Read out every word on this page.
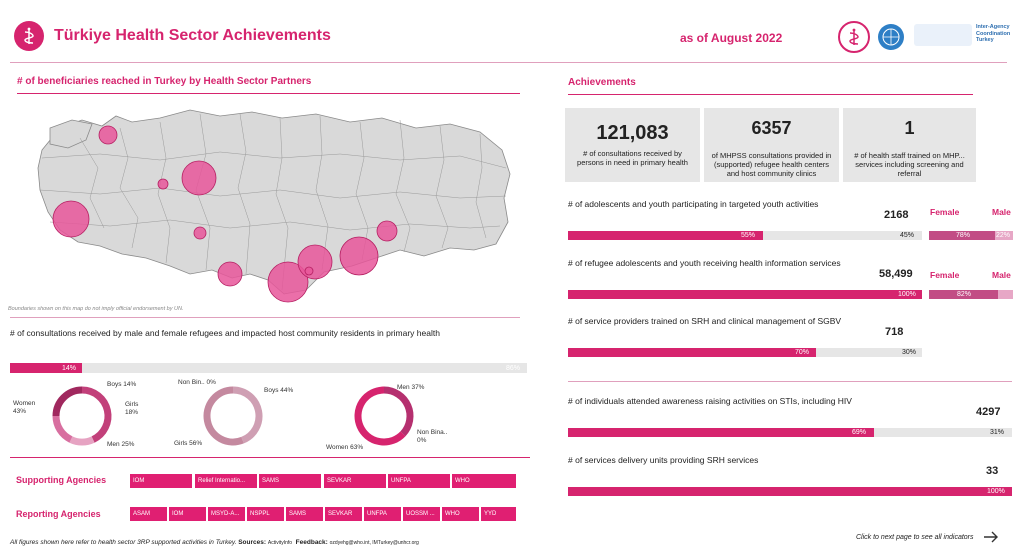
Türkiye Health Sector Achievements	as of August 2022
Inter-Agency
Coordination
Turkey
# of beneficiaries reached in Turkey by Health Sector Partners
Boundaries shown on this map do not imply official endorsement by UN.
# of consultations received by male and female refugees and impacted host community residents in primary health
14%	86%
Women
43%
Boys 14%
Girls
18%
Men 25%
Non Bin.. 0%
Boys 44%
Girls 56%
Men 37%
Non Bina..
0%
Women 63%
Supporting Agencies	IOM	Relief Internatio...	SAMS	SEVKAR	UNFPA	WHO
Reporting Agencies	ASAM	IOM	MSYD-A...	NSPPL	SAMS	SEVKAR	UNFPA	UOSSM ...	WHO	YYD
Achievements
121,083
# of consultations received by persons in need in primary health
6357
of MHPSS consultations provided in (supported) refugee health centers and host community clinics
1
# of health staff trained on MHP... services including screening and referral
# of adolescents and youth participating in targeted youth activities
2168	Female	Male
55%	45%	78%	22%
# of refugee adolescents and youth receiving health information services
58,499 Female	Male
100%	82%
# of service providers trained on SRH and clinical management of SGBV
718
70%	30%
# of individuals attended awareness raising activities on STIs, including HIV
4297
69%	31%
# of services delivery units providing SRH services
33
100%
All figures shown here refer to health sector 3RP supported activities in Turkey. Sources: ActivityInfo Feedback: ozdyehg@who.int, IMTurkey@unhcr.org
Click to next page to see all indicators
